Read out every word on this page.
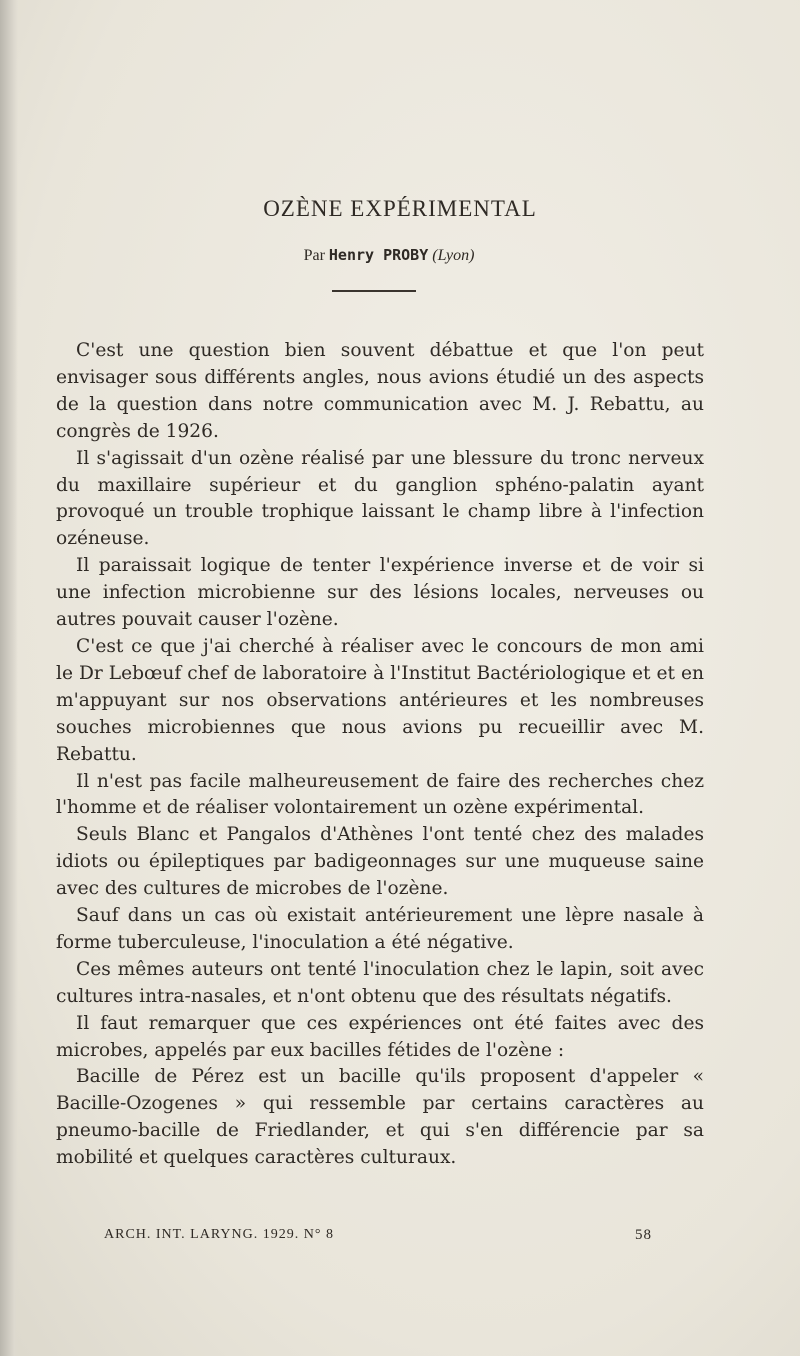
OZÈNE EXPÉRIMENTAL
Par Henry PROBY (Lyon)

C'est une question bien souvent débattue et que l'on peut envisager sous différents angles, nous avions étudié un des aspects de la question dans notre communication avec M. J. Rebattu, au congrès de 1926.

Il s'agissait d'un ozène réalisé par une blessure du tronc nerveux du maxillaire supérieur et du ganglion sphéno-palatin ayant provoqué un trouble trophique laissant le champ libre à l'infection ozéneuse.

Il paraissait logique de tenter l'expérience inverse et de voir si une infection microbienne sur des lésions locales, nerveuses ou autres pouvait causer l'ozène.

C'est ce que j'ai cherché à réaliser avec le concours de mon ami le Dr Lebœuf chef de laboratoire à l'Institut Bactériologique et et en m'appuyant sur nos observations antérieures et les nombreuses souches microbiennes que nous avions pu recueillir avec M. Rebattu.

Il n'est pas facile malheureusement de faire des recherches chez l'homme et de réaliser volontairement un ozène expérimental.

Seuls Blanc et Pangalos d'Athènes l'ont tenté chez des malades idiots ou épileptiques par badigeonnages sur une muqueuse saine avec des cultures de microbes de l'ozène.

Sauf dans un cas où existait antérieurement une lèpre nasale à forme tuberculeuse, l'inoculation a été négative.

Ces mêmes auteurs ont tenté l'inoculation chez le lapin, soit avec cultures intra-nasales, et n'ont obtenu que des résultats négatifs.

Il faut remarquer que ces expériences ont été faites avec des microbes, appelés par eux bacilles fétides de l'ozène :

Bacille de Pérez est un bacille qu'ils proposent d'appeler « Bacille-Ozogenes » qui ressemble par certains caractères au pneumo-bacille de Friedlander, et qui s'en différencie par sa mobilité et quelques caractères culturaux.

ARCH. INT. LARYNG. 1929. N° 8	58
